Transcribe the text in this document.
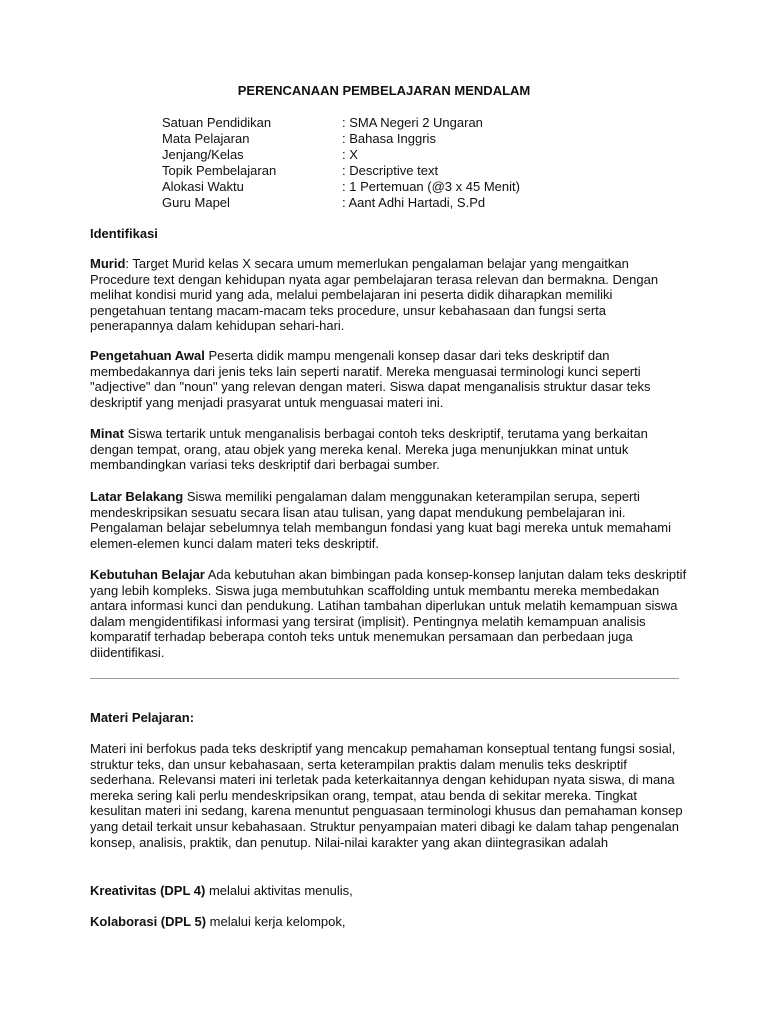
PERENCANAAN PEMBELAJARAN MENDALAM
Satuan Pendidikan	: SMA Negeri 2 Ungaran
Mata Pelajaran	: Bahasa Inggris
Jenjang/Kelas	: X
Topik Pembelajaran	: Descriptive text
Alokasi Waktu	: 1 Pertemuan (@3 x 45 Menit)
Guru Mapel	: Aant Adhi Hartadi, S.Pd
Identifikasi
Murid: Target Murid kelas X secara umum memerlukan pengalaman belajar yang mengaitkan Procedure text dengan kehidupan nyata agar pembelajaran terasa relevan dan bermakna. Dengan melihat kondisi murid yang ada, melalui pembelajaran ini peserta didik diharapkan memiliki pengetahuan tentang macam-macam teks procedure, unsur kebahasaan dan fungsi serta penerapannya dalam kehidupan sehari-hari.
Pengetahuan Awal Peserta didik mampu mengenali konsep dasar dari teks deskriptif dan membedakannya dari jenis teks lain seperti naratif. Mereka menguasai terminologi kunci seperti "adjective" dan "noun" yang relevan dengan materi. Siswa dapat menganalisis struktur dasar teks deskriptif yang menjadi prasyarat untuk menguasai materi ini.
Minat Siswa tertarik untuk menganalisis berbagai contoh teks deskriptif, terutama yang berkaitan dengan tempat, orang, atau objek yang mereka kenal. Mereka juga menunjukkan minat untuk membandingkan variasi teks deskriptif dari berbagai sumber.
Latar Belakang Siswa memiliki pengalaman dalam menggunakan keterampilan serupa, seperti mendeskripsikan sesuatu secara lisan atau tulisan, yang dapat mendukung pembelajaran ini. Pengalaman belajar sebelumnya telah membangun fondasi yang kuat bagi mereka untuk memahami elemen-elemen kunci dalam materi teks deskriptif.
Kebutuhan Belajar Ada kebutuhan akan bimbingan pada konsep-konsep lanjutan dalam teks deskriptif yang lebih kompleks. Siswa juga membutuhkan scaffolding untuk membantu mereka membedakan antara informasi kunci dan pendukung. Latihan tambahan diperlukan untuk melatih kemampuan siswa dalam mengidentifikasi informasi yang tersirat (implisit). Pentingnya melatih kemampuan analisis komparatif terhadap beberapa contoh teks untuk menemukan persamaan dan perbedaan juga diidentifikasi.
Materi Pelajaran:
Materi ini berfokus pada teks deskriptif yang mencakup pemahaman konseptual tentang fungsi sosial, struktur teks, dan unsur kebahasaan, serta keterampilan praktis dalam menulis teks deskriptif sederhana. Relevansi materi ini terletak pada keterkaitannya dengan kehidupan nyata siswa, di mana mereka sering kali perlu mendeskripsikan orang, tempat, atau benda di sekitar mereka. Tingkat kesulitan materi ini sedang, karena menuntut penguasaan terminologi khusus dan pemahaman konsep yang detail terkait unsur kebahasaan. Struktur penyampaian materi dibagi ke dalam tahap pengenalan konsep, analisis, praktik, dan penutup. Nilai-nilai karakter yang akan diintegrasikan adalah
Kreativitas (DPL 4) melalui aktivitas menulis,
Kolaborasi (DPL 5) melalui kerja kelompok,
